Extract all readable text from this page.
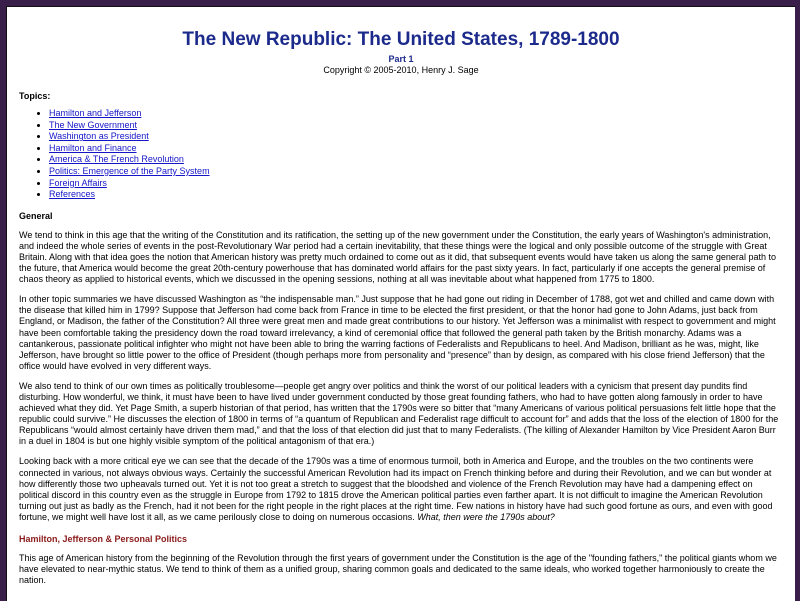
The New Republic: The United States, 1789-1800
Part 1
Copyright © 2005-2010, Henry J. Sage
Topics:
• Hamilton and Jefferson
• The New Government
• Washington as President
• Hamilton and Finance
• America & The French Revolution
• Politics: Emergence of the Party System
• Foreign Affairs
• References
General

We tend to think in this age that the writing of the Constitution and its ratification, the setting up of the new government under the Constitution, the early years of Washington's administration, and indeed the whole series of events in the post-Revolutionary War period had a certain inevitability, that these things were the logical and only possible outcome of the struggle with Great Britain. Along with that idea goes the notion that American history was pretty much ordained to come out as it did, that subsequent events would have taken us along the same general path to the future, that America would become the great 20th-century powerhouse that has dominated world affairs for the past sixty years. In fact, particularly if one accepts the general premise of chaos theory as applied to historical events, which we discussed in the opening sessions, nothing at all was inevitable about what happened from 1775 to 1800.

In other topic summaries we have discussed Washington as “the indispensable man.” Just suppose that he had gone out riding in December of 1788, got wet and chilled and came down with the disease that killed him in 1799? Suppose that Jefferson had come back from France in time to be elected the first president, or that the honor had gone to John Adams, just back from England, or Madison, the father of the Constitution? All three were great men and made great contributions to our history. Yet Jefferson was a minimalist with respect to government and might have been comfortable taking the presidency down the road toward irrelevancy, a kind of ceremonial office that followed the general path taken by the British monarchy. Adams was a cantankerous, passionate political infighter who might not have been able to bring the warring factions of Federalists and Republicans to heel. And Madison, brilliant as he was, might, like Jefferson, have brought so little power to the office of President (though perhaps more from personality and “presence” than by design, as compared with his close friend Jefferson) that the office would have evolved in very different ways.

We also tend to think of our own times as politically troublesome—people get angry over politics and think the worst of our political leaders with a cynicism that present day pundits find disturbing. How wonderful, we think, it must have been to have lived under government conducted by those great founding fathers, who had to have gotten along famously in order to have achieved what they did. Yet Page Smith, a superb historian of that period, has written that the 1790s were so bitter that “many Americans of various political persuasions felt little hope that the republic could survive.” He discusses the election of 1800 in terms of “a quantum of Republican and Federalist rage difficult to account for” and adds that the loss of the election of 1800 for the Republicans “would almost certainly have driven them mad,” and that the loss of that election did just that to many Federalists. (The killing of Alexander Hamilton by Vice President Aaron Burr in a duel in 1804 is but one highly visible symptom of the political antagonism of that era.)

Looking back with a more critical eye we can see that the decade of the 1790s was a time of enormous turmoil, both in America and Europe, and the troubles on the two continents were connected in various, not always obvious ways. Certainly the successful American Revolution had its impact on French thinking before and during their Revolution, and we can but wonder at how differently those two upheavals turned out. Yet it is not too great a stretch to suggest that the bloodshed and violence of the French Revolution may have had a dampening effect on political discord in this country even as the struggle in Europe from 1792 to 1815 drove the American political parties even farther apart. It is not difficult to imagine the American Revolution turning out just as badly as the French, had it not been for the right people in the right places at the right time. Few nations in history have had such good fortune as ours, and even with good fortune, we might well have lost it all, as we came perilously close to doing on numerous occasions. What, then were the 1790s about?

Hamilton, Jefferson & Personal Politics

This age of American history from the beginning of the Revolution through the first years of government under the Constitution is the age of the "founding fathers," the political giants whom we have elevated to near-mythic status. We tend to think of them as a unified group, sharing common goals and dedicated to the same ideals, who worked together harmoniously to create the nation.
